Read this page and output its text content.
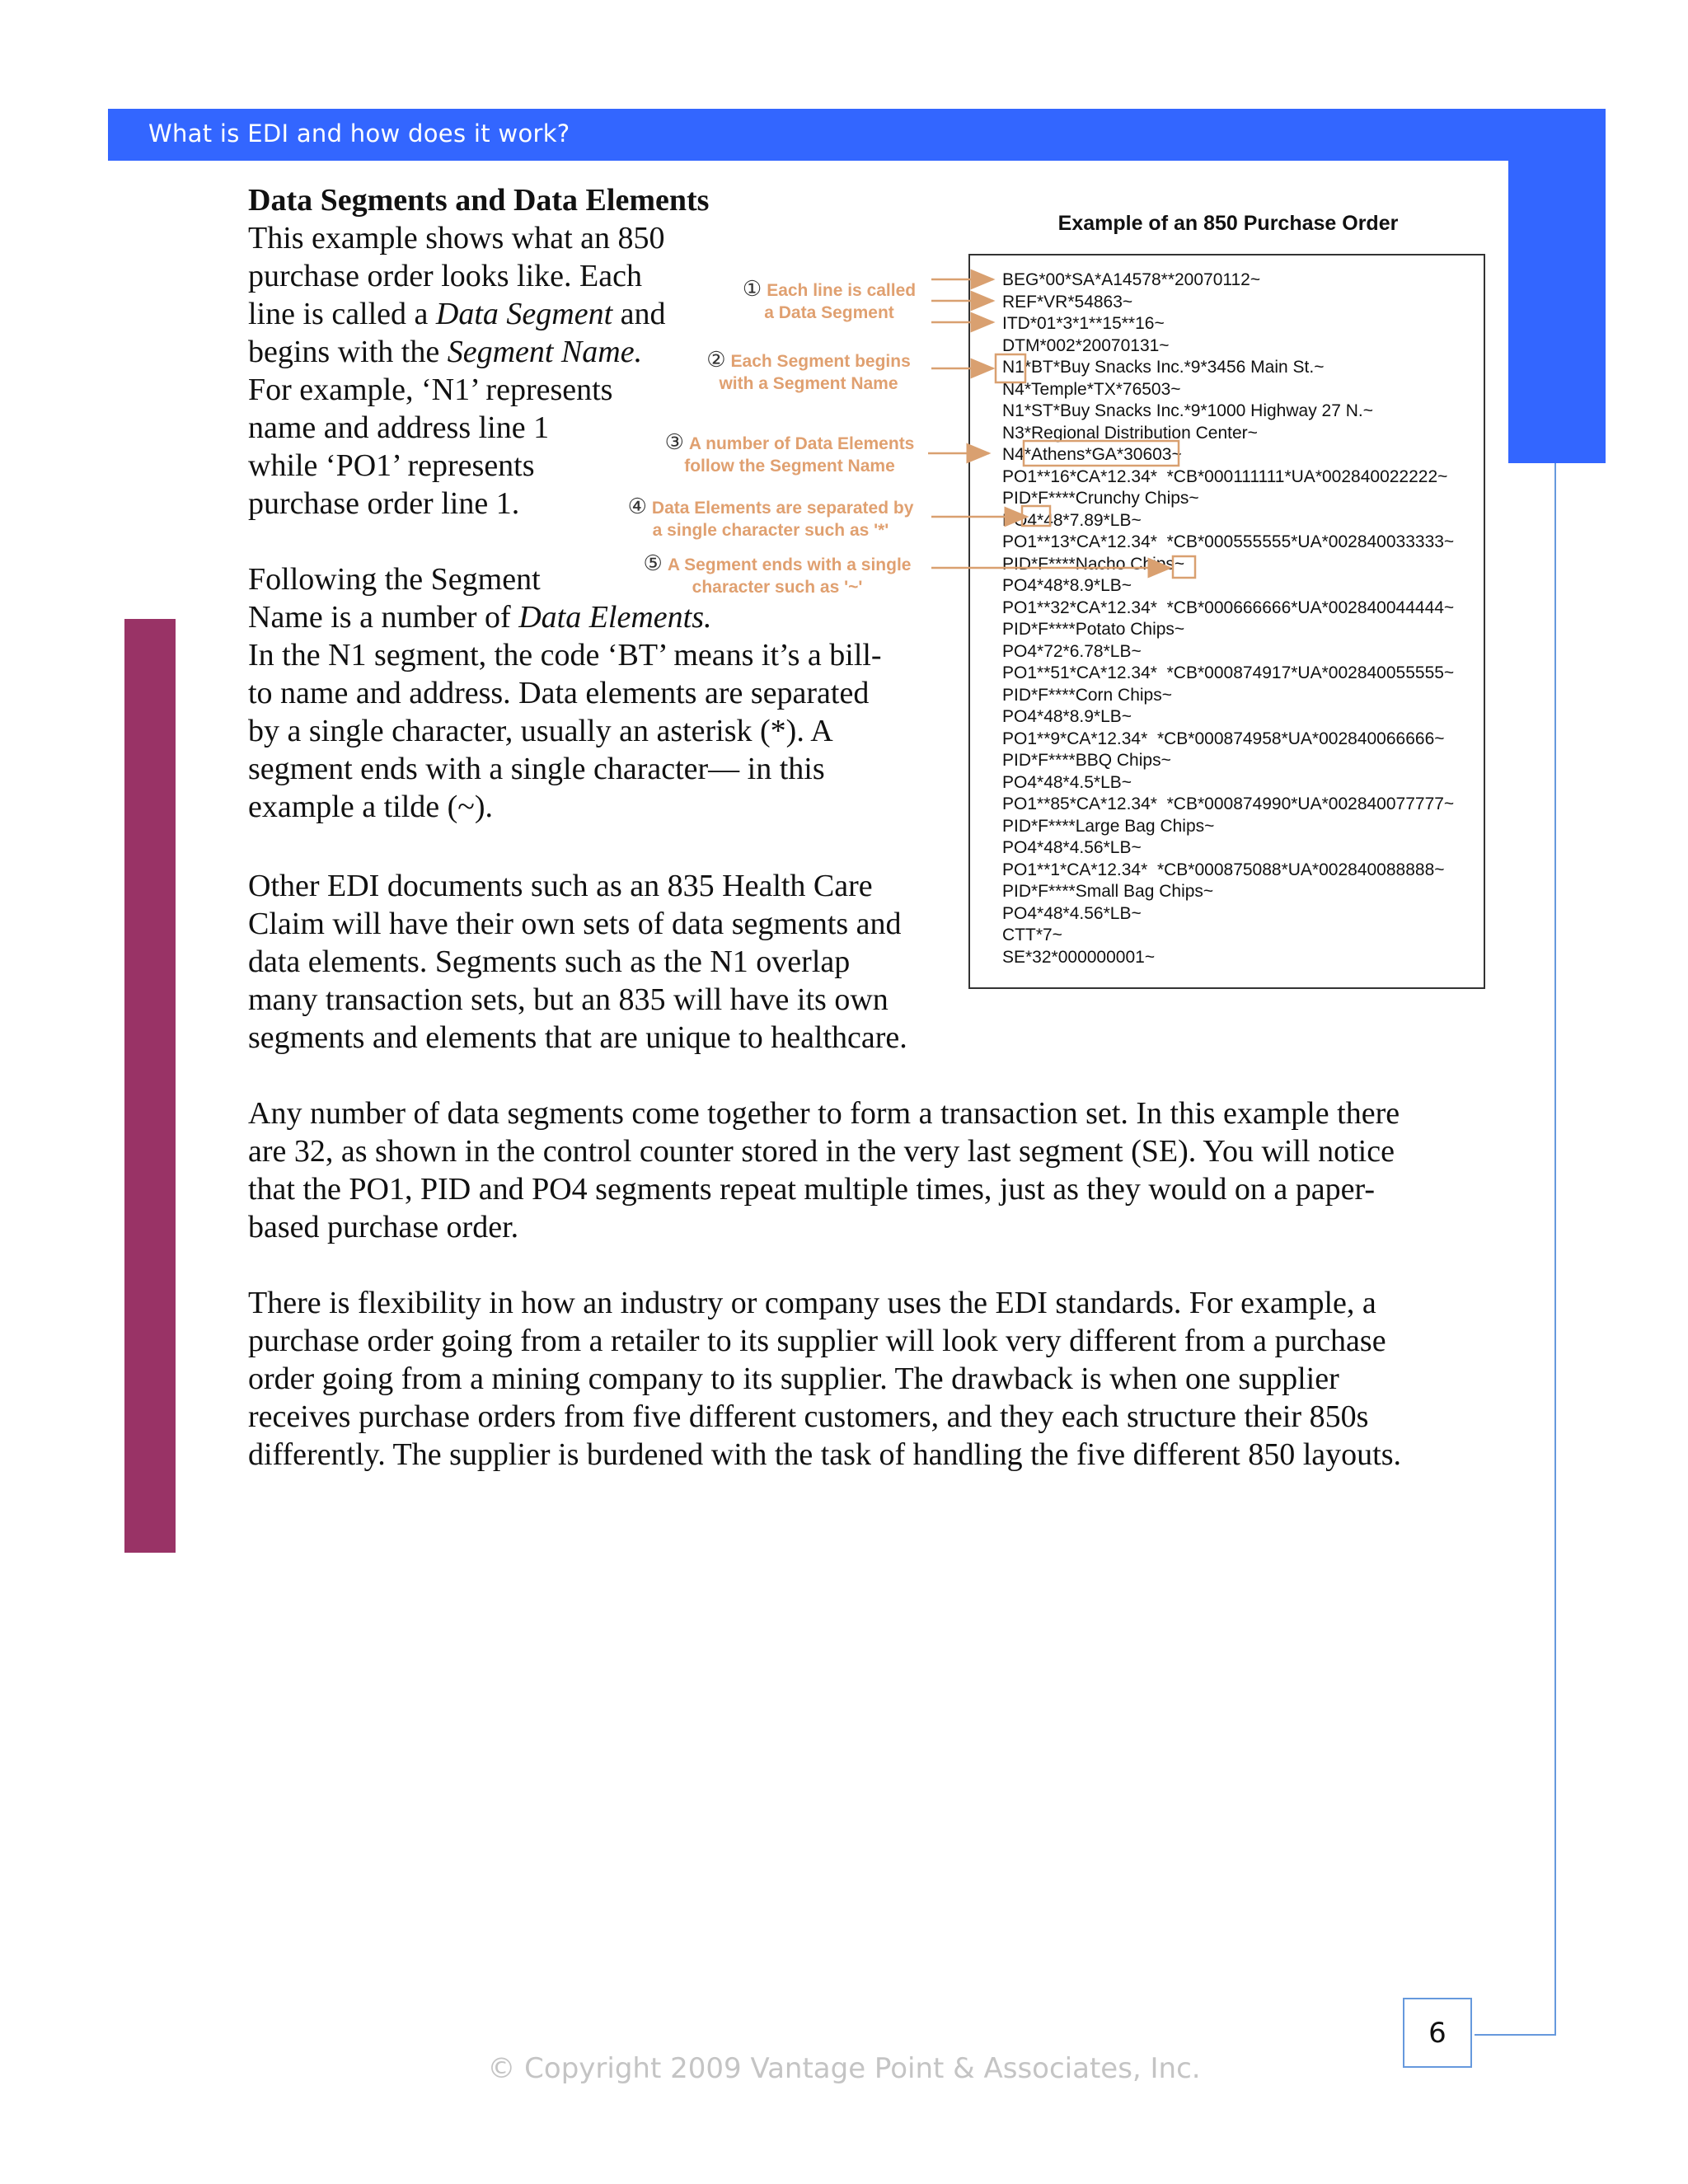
What is EDI and how does it work?
Data Segments and Data Elements
This example shows what an 850
purchase order looks like. Each
line is called a Data Segment and
begins with the Segment Name.
For example, ‘N1’ represents
name and address line 1
while ‘PO1’ represents
purchase order line 1.
Following the Segment
Name is a number of Data Elements.
In the N1 segment, the code ‘BT’ means it’s a bill-
to name and address. Data elements are separated
by a single character, usually an asterisk (*). A
segment ends with a single character— in this
example a tilde (~).
Other EDI documents such as an 835 Health Care
Claim will have their own sets of data segments and
data elements. Segments such as the N1 overlap
many transaction sets, but an 835 will have its own
segments and elements that are unique to healthcare.
Any number of data segments come together to form a transaction set. In this example there
are 32, as shown in the control counter stored in the very last segment (SE). You will notice
that the PO1, PID and PO4 segments repeat multiple times, just as they would on a paper-
based purchase order.
There is flexibility in how an industry or company uses the EDI standards. For example, a
purchase order going from a retailer to its supplier will look very different from a purchase
order going from a mining company to its supplier. The drawback is when one supplier
receives purchase orders from five different customers, and they each structure their 850s
differently. The supplier is burdened with the task of handling the five different 850 layouts.
Example of an 850 Purchase Order
BEG*00*SA*A14578**20070112~
REF*VR*54863~
ITD*01*3*1**15**16~
DTM*002*20070131~
N1*BT*Buy Snacks Inc.*9*3456 Main St.~
N4*Temple*TX*76503~
N1*ST*Buy Snacks Inc.*9*1000 Highway 27 N.~
N3*Regional Distribution Center~
N4*Athens*GA*30603~
PO1**16*CA*12.34*  *CB*000111111*UA*002840022222~
PID*F****Crunchy Chips~
PO4*48*7.89*LB~
PO1**13*CA*12.34*  *CB*000555555*UA*002840033333~
PID*F****Nacho Chips~
PO4*48*8.9*LB~
PO1**32*CA*12.34*  *CB*000666666*UA*002840044444~
PID*F****Potato Chips~
PO4*72*6.78*LB~
PO1**51*CA*12.34*  *CB*000874917*UA*002840055555~
PID*F****Corn Chips~
PO4*48*8.9*LB~
PO1**9*CA*12.34*  *CB*000874958*UA*002840066666~
PID*F****BBQ Chips~
PO4*48*4.5*LB~
PO1**85*CA*12.34*  *CB*000874990*UA*002840077777~
PID*F****Large Bag Chips~
PO4*48*4.56*LB~
PO1**1*CA*12.34*  *CB*000875088*UA*002840088888~
PID*F****Small Bag Chips~
PO4*48*4.56*LB~
CTT*7~
SE*32*000000001~
① Each line is called
a Data Segment
② Each Segment begins
with a Segment Name
③ A number of Data Elements
follow the Segment Name
④ Data Elements are separated by
a single character such as '*'
⑤ A Segment ends with a single
character such as '~'
6
© Copyright 2009 Vantage Point & Associates, Inc.
